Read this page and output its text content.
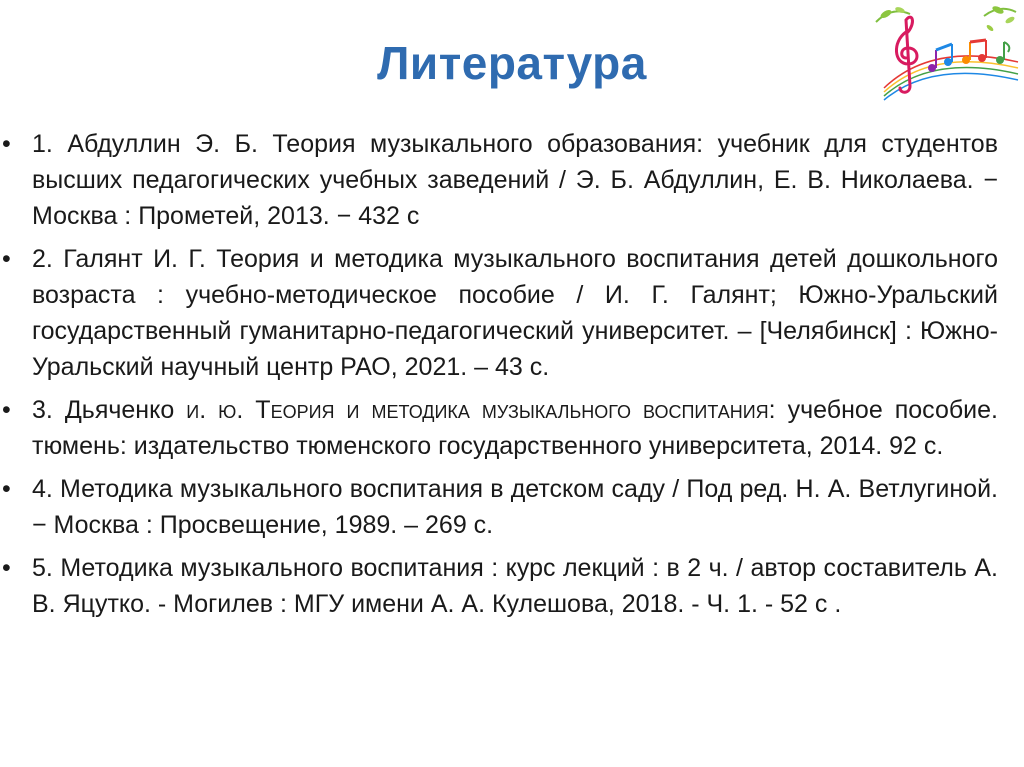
Литература
• 1. Абдуллин Э. Б. Теория музыкального образования: учебник для студентов высших педагогических учебных заведений / Э. Б. Абдуллин, Е. В. Николаева. − Москва : Прометей, 2013. − 432 с
• 2. Галянт И. Г. Теория и методика музыкального воспитания детей дошкольного возраста : учебно-методическое пособие / И. Г. Галянт; Южно-Уральский государственный гуманитарно-педагогический университет. – [Челябинск] : Южно-Уральский научный центр РАО, 2021. – 43 с.
• 3. Дьяченко и. ю. Теория и методика музыкального воспитания: учебное пособие. тюмень: издательство тюменского государственного университета, 2014. 92 с.
• 4. Методика музыкального воспитания в детском саду / Под ред. Н. А. Ветлугиной. − Москва : Просвещение, 1989. – 269 с.
• 5. Методика музыкального воспитания : курс лекций : в 2 ч. / автор составитель А. В. Яцутко. - Могилев : МГУ имени А. А. Кулешова, 2018. - Ч. 1. - 52 с .
